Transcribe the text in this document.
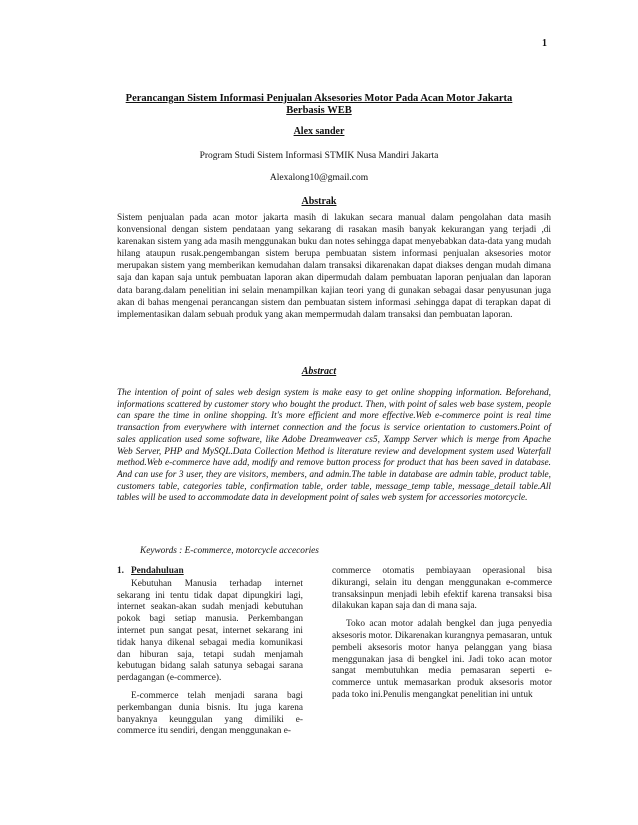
1
Perancangan Sistem Informasi Penjualan Aksesories Motor Pada Acan Motor Jakarta Berbasis WEB
Alex sander
Program Studi Sistem Informasi STMIK Nusa Mandiri Jakarta
Alexalong10@gmail.com
Abstrak
Sistem penjualan pada acan motor jakarta masih di lakukan secara manual dalam pengolahan data masih konvensional dengan sistem pendataan yang sekarang di rasakan masih banyak kekurangan yang terjadi ,di karenakan sistem yang ada masih menggunakan buku dan notes sehingga dapat menyebabkan data-data yang mudah hilang ataupun rusak.pengembangan sistem berupa pembuatan sistem informasi penjualan aksesories motor merupakan sistem yang memberikan kemudahan dalam transaksi dikarenakan dapat diakses dengan mudah dimana saja dan kapan saja untuk pembuatan laporan akan dipermudah dalam pembuatan laporan penjualan dan laporan data barang.dalam penelitian ini selain menampilkan kajian teori yang di gunakan sebagai dasar penyusunan juga akan di bahas mengenai perancangan sistem dan pembuatan sistem informasi .sehingga dapat di terapkan dapat di implementasikan dalam sebuah produk yang akan mempermudah dalam transaksi dan pembuatan laporan.
Abstract
The intention of point of sales web design system is make easy to get online shopping information. Beforehand, informations scattered by customer story who bought the product. Then, with point of sales web base system, people can spare the time in online shopping. It's more efficient and more effective.Web e-commerce point is real time transaction from everywhere with internet connection and the focus is service orientation to customers.Point of sales application used some software, like Adobe Dreamweaver cs5, Xampp Server which is merge from Apache Web Server, PHP and MySQL.Data Collection Method is literature review and development system used Waterfall method.Web e-commerce have add, modify and remove button process for product that has been saved in database. And can use for 3 user, they are visitors, members, and admin.The table in database are admin table, product table, customers table, categories table, confirmation table, order table, message_temp table, message_detail table.All tables will be used to accommodate data in development point of sales web system for accessories motorcycle.
Keywords : E-commerce, motorcycle accecories
1. Pendahuluan

Kebutuhan Manusia terhadap internet sekarang ini tentu tidak dapat dipungkiri lagi, internet seakan-akan sudah menjadi kebutuhan pokok bagi setiap manusia. Perkembangan internet pun sangat pesat, internet sekarang ini tidak hanya dikenal sebagai media komunikasi dan hiburan saja, tetapi sudah menjamah kebutugan bidang salah satunya sebagai sarana perdagangan (e-commerce).

E-commerce telah menjadi sarana bagi perkembangan dunia bisnis. Itu juga karena banyaknya keunggulan yang dimiliki e-commerce itu sendiri, dengan menggunakan e-

commerce otomatis pembiayaan operasional bisa dikurangi, selain itu dengan menggunakan e-commerce transaksinpun menjadi lebih efektif karena transaksi bisa dilakukan kapan saja dan di mana saja.

Toko acan motor adalah bengkel dan juga penyedia aksesoris motor. Dikarenakan kurangnya pemasaran, untuk pembeli aksesoris motor hanya pelanggan yang biasa menggunakan jasa di bengkel ini. Jadi toko acan motor sangat membutuhkan media pemasaran seperti e-commerce untuk memasarkan produk aksesoris motor pada toko ini.Penulis mengangkat penelitian ini untuk
